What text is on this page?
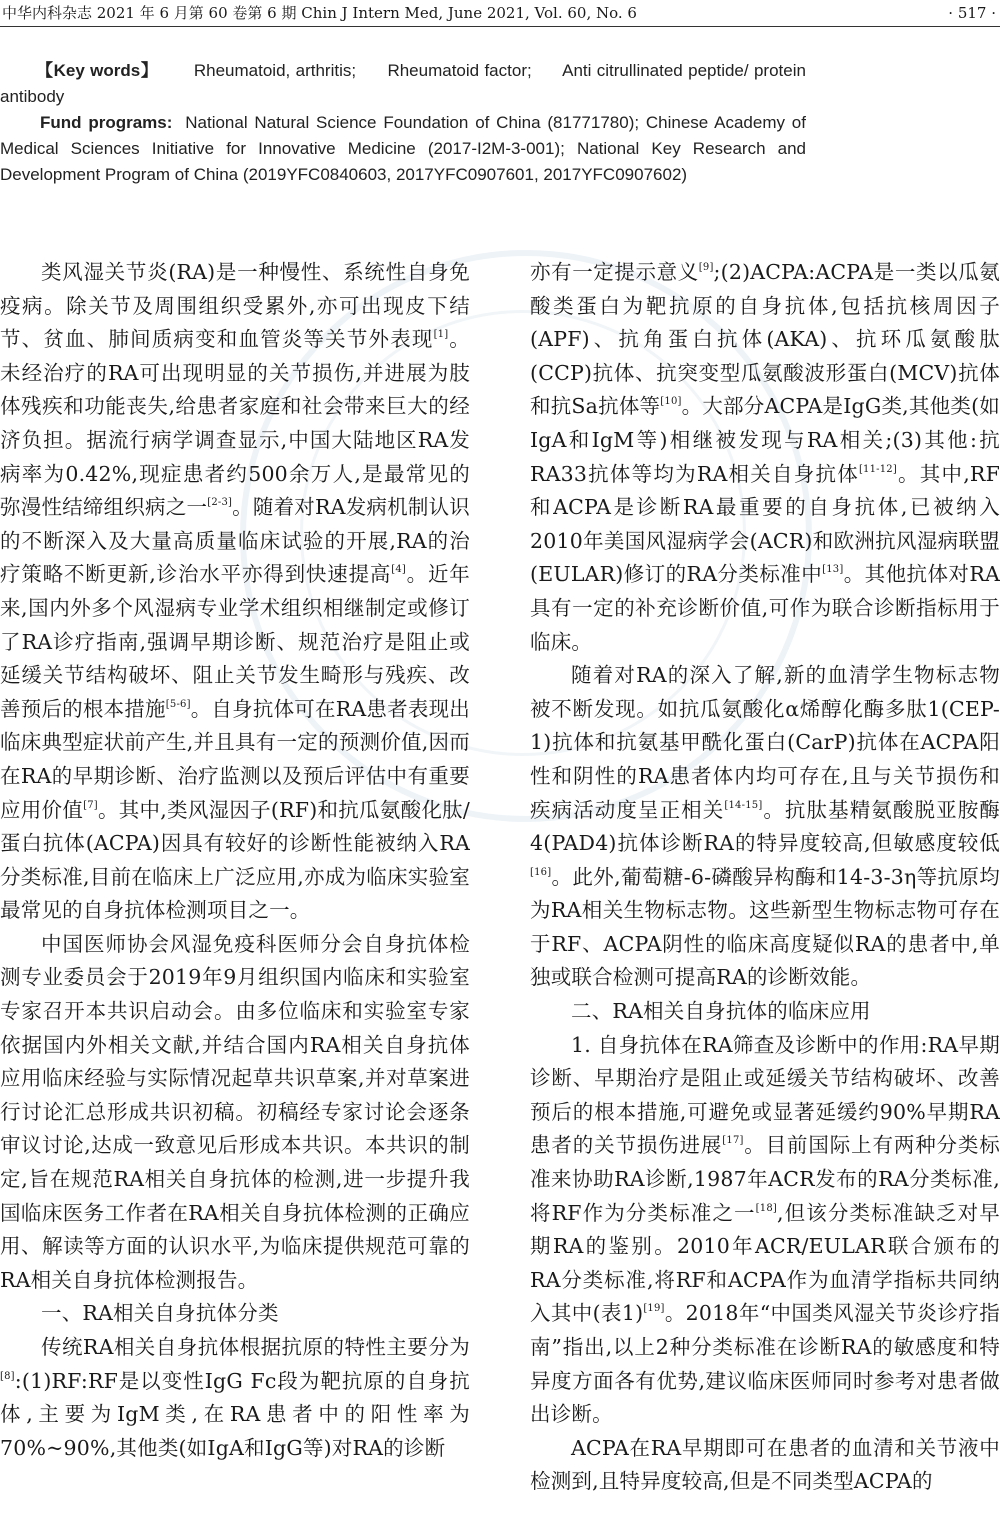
中华内科杂志 2021 年 6 月第 60 卷第 6 期 Chin J Intern Med, June 2021, Vol. 60, No. 6	· 517 ·

【Key words】 Rheumatoid, arthritis; Rheumatoid factor; Anti citrullinated peptide/ protein antibody

Fund programs: National Natural Science Foundation of China (81771780); Chinese Academy of Medical Sciences Initiative for Innovative Medicine (2017-I2M-3-001); National Key Research and Development Program of China (2019YFC0840603, 2017YFC0907601, 2017YFC0907602)

类风湿关节炎(RA)是一种慢性、系统性自身免疫病。除关节及周围组织受累外,亦可出现皮下结节、贫血、肺间质病变和血管炎等关节外表现[1]。未经治疗的RA可出现明显的关节损伤,并进展为肢体残疾和功能丧失,给患者家庭和社会带来巨大的经济负担。据流行病学调查显示,中国大陆地区RA发病率为0.42%,现症患者约500余万人,是最常见的弥漫性结缔组织病之一[2-3]。随着对RA发病机制认识的不断深入及大量高质量临床试验的开展,RA的治疗策略不断更新,诊治水平亦得到快速提高[4]。近年来,国内外多个风湿病专业学术组织相继制定或修订了RA诊疗指南,强调早期诊断、规范治疗是阻止或延缓关节结构破坏、阻止关节发生畸形与残疾、改善预后的根本措施[5-6]。自身抗体可在RA患者表现出临床典型症状前产生,并且具有一定的预测价值,因而在RA的早期诊断、治疗监测以及预后评估中有重要应用价值[7]。其中,类风湿因子(RF)和抗瓜氨酸化肽/蛋白抗体(ACPA)因具有较好的诊断性能被纳入RA分类标准,目前在临床上广泛应用,亦成为临床实验室最常见的自身抗体检测项目之一。

中国医师协会风湿免疫科医师分会自身抗体检测专业委员会于2019年9月组织国内临床和实验室专家召开本共识启动会。由多位临床和实验室专家依据国内外相关文献,并结合国内RA相关自身抗体应用临床经验与实际情况起草共识草案,并对草案进行讨论汇总形成共识初稿。初稿经专家讨论会逐条审议讨论,达成一致意见后形成本共识。本共识的制定,旨在规范RA相关自身抗体的检测,进一步提升我国临床医务工作者在RA相关自身抗体检测的正确应用、解读等方面的认识水平,为临床提供规范可靠的RA相关自身抗体检测报告。

一、RA相关自身抗体分类

传统RA相关自身抗体根据抗原的特性主要分为[8]:(1)RF:RF是以变性IgG Fc段为靶抗原的自身抗体,主要为IgM类,在RA患者中的阳性率为70%~90%,其他类(如IgA和IgG等)对RA的诊断

亦有一定提示意义[9];(2)ACPA:ACPA是一类以瓜氨酸类蛋白为靶抗原的自身抗体,包括抗核周因子(APF)、抗角蛋白抗体(AKA)、抗环瓜氨酸肽(CCP)抗体、抗突变型瓜氨酸波形蛋白(MCV)抗体和抗Sa抗体等[10]。大部分ACPA是IgG类,其他类(如IgA和IgM等)相继被发现与RA相关;(3)其他:抗RA33抗体等均为RA相关自身抗体[11-12]。其中,RF和ACPA是诊断RA最重要的自身抗体,已被纳入2010年美国风湿病学会(ACR)和欧洲抗风湿病联盟(EULAR)修订的RA分类标准中[13]。其他抗体对RA具有一定的补充诊断价值,可作为联合诊断指标用于临床。

随着对RA的深入了解,新的血清学生物标志物被不断发现。如抗瓜氨酸化α烯醇化酶多肽1(CEP-1)抗体和抗氨基甲酰化蛋白(CarP)抗体在ACPA阳性和阴性的RA患者体内均可存在,且与关节损伤和疾病活动度呈正相关[14-15]。抗肽基精氨酸脱亚胺酶4(PAD4)抗体诊断RA的特异度较高,但敏感度较低[16]。此外,葡萄糖-6-磷酸异构酶和14-3-3η等抗原均为RA相关生物标志物。这些新型生物标志物可存在于RF、ACPA阴性的临床高度疑似RA的患者中,单独或联合检测可提高RA的诊断效能。

二、RA相关自身抗体的临床应用

1. 自身抗体在RA筛查及诊断中的作用:RA早期诊断、早期治疗是阻止或延缓关节结构破坏、改善预后的根本措施,可避免或显著延缓约90%早期RA患者的关节损伤进展[17]。目前国际上有两种分类标准来协助RA诊断,1987年ACR发布的RA分类标准,将RF作为分类标准之一[18],但该分类标准缺乏对早期RA的鉴别。2010年ACR/EULAR联合颁布的RA分类标准,将RF和ACPA作为血清学指标共同纳入其中(表1)[19]。2018年“中国类风湿关节炎诊疗指南”指出,以上2种分类标准在诊断RA的敏感度和特异度方面各有优势,建议临床医师同时参考对患者做出诊断。

ACPA在RA早期即可在患者的血清和关节液中检测到,且特异度较高,但是不同类型ACPA的
